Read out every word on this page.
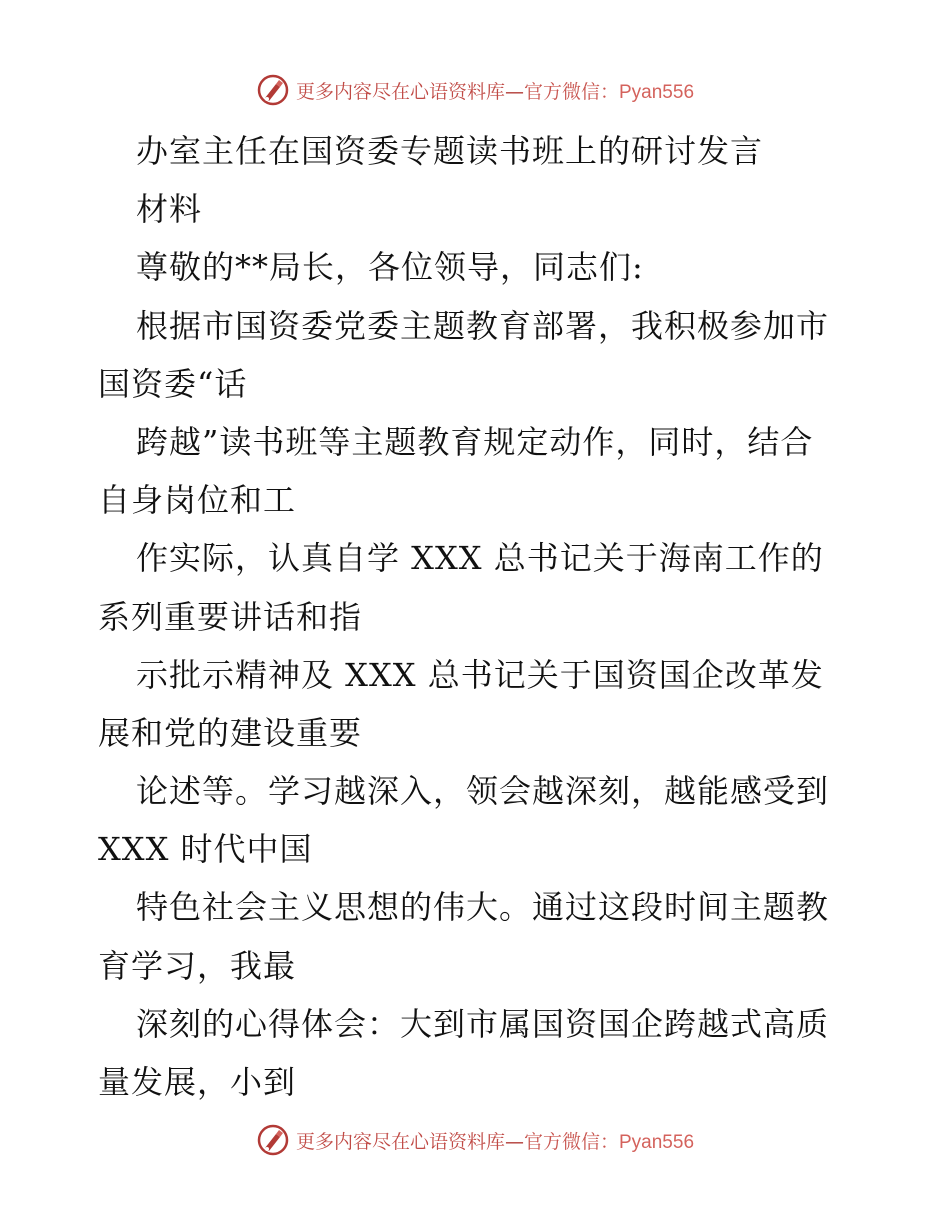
更多内容尽在心语资料库—官方微信：Pyan556
办室主任在国资委专题读书班上的研讨发言
材料
尊敬的**局长，各位领导，同志们:
根据市国资委党委主题教育部署，我积极参加市
国资委“话
跨越”读书班等主题教育规定动作，同时，结合
自身岗位和工
作实际，认真自学 XXX 总书记关于海南工作的
系列重要讲话和指
示批示精神及 XXX 总书记关于国资国企改革发
展和党的建设重要
论述等。学习越深入，领会越深刻，越能感受到
XXX 时代中国
特色社会主义思想的伟大。通过这段时间主题教
育学习，我最
深刻的心得体会：大到市属国资国企跨越式高质
量发展，小到
更多内容尽在心语资料库—官方微信：Pyan556
